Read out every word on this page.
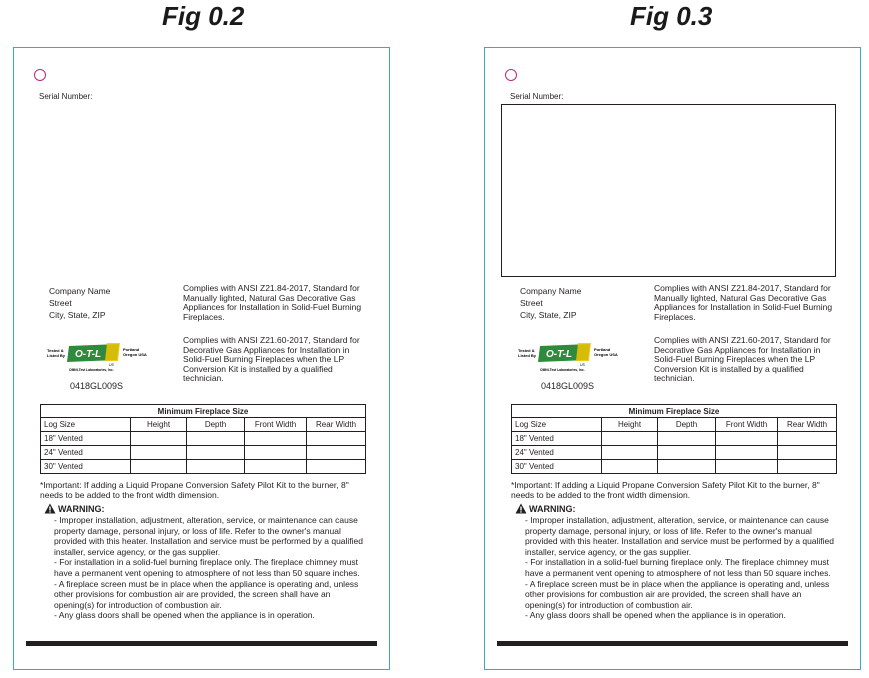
Fig 0.2	Fig 0.3
Serial Number:
Company Name
Street
City, State, ZIP
Complies with ANSI Z21.84-2017, Standard for Manually lighted, Natural Gas Decorative Gas Appliances for Installation in Solid-Fuel Burning Fireplaces.
Complies with ANSI Z21.60-2017, Standard for Decorative Gas Appliances for Installation in Solid-Fuel Burning Fireplaces when the LP Conversion Kit is installed by a qualified technician.
Tested &
Listed By O-T-L
US
Portland
Oregon USA
OMNI-Test Laboratories, Inc.
0418GL009S
Minimum Fireplace Size				
Log Size	Height	Depth	Front Width	Rear Width
18" Vented				
24" Vented				
30" Vented				
*Important: If adding a Liquid Propane Conversion Safety Pilot Kit to the burner, 8" needs to be added to the front width dimension.
WARNING:
- Improper installation, adjustment, alteration, service, or maintenance can cause property damage, personal injury, or loss of life. Refer to the owner's manual provided with this heater. Installation and service must be performed by a qualified installer, service agency, or the gas supplier.
- For installation in a solid-fuel burning fireplace only. The fireplace chimney must have a permanent vent opening to atmosphere of not less than 50 square inches.
- A fireplace screen must be in place when the appliance is operating and, unless other provisions for combustion air are provided, the screen shall have an opening(s) for introduction of combustion air.
- Any glass doors shall be opened when the appliance is in operation.
Serial Number:
Company Name
Street
City, State, ZIP
Complies with ANSI Z21.84-2017, Standard for Manually lighted, Natural Gas Decorative Gas Appliances for Installation in Solid-Fuel Burning Fireplaces.
Complies with ANSI Z21.60-2017, Standard for Decorative Gas Appliances for Installation in Solid-Fuel Burning Fireplaces when the LP Conversion Kit is installed by a qualified technician.
Tested &
Listed By O-T-L
US
Portland
Oregon USA
OMNI-Test Laboratories, Inc.
0418GL009S
Minimum Fireplace Size				
Log Size	Height	Depth	Front Width	Rear Width
18" Vented				
24" Vented				
30" Vented				
*Important: If adding a Liquid Propane Conversion Safety Pilot Kit to the burner, 8" needs to be added to the front width dimension.
WARNING:
- Improper installation, adjustment, alteration, service, or maintenance can cause property damage, personal injury, or loss of life. Refer to the owner's manual provided with this heater. Installation and service must be performed by a qualified installer, service agency, or the gas supplier.
- For installation in a solid-fuel burning fireplace only. The fireplace chimney must have a permanent vent opening to atmosphere of not less than 50 square inches.
- A fireplace screen must be in place when the appliance is operating and, unless other provisions for combustion air are provided, the screen shall have an opening(s) for introduction of combustion air.
- Any glass doors shall be opened when the appliance is in operation.
